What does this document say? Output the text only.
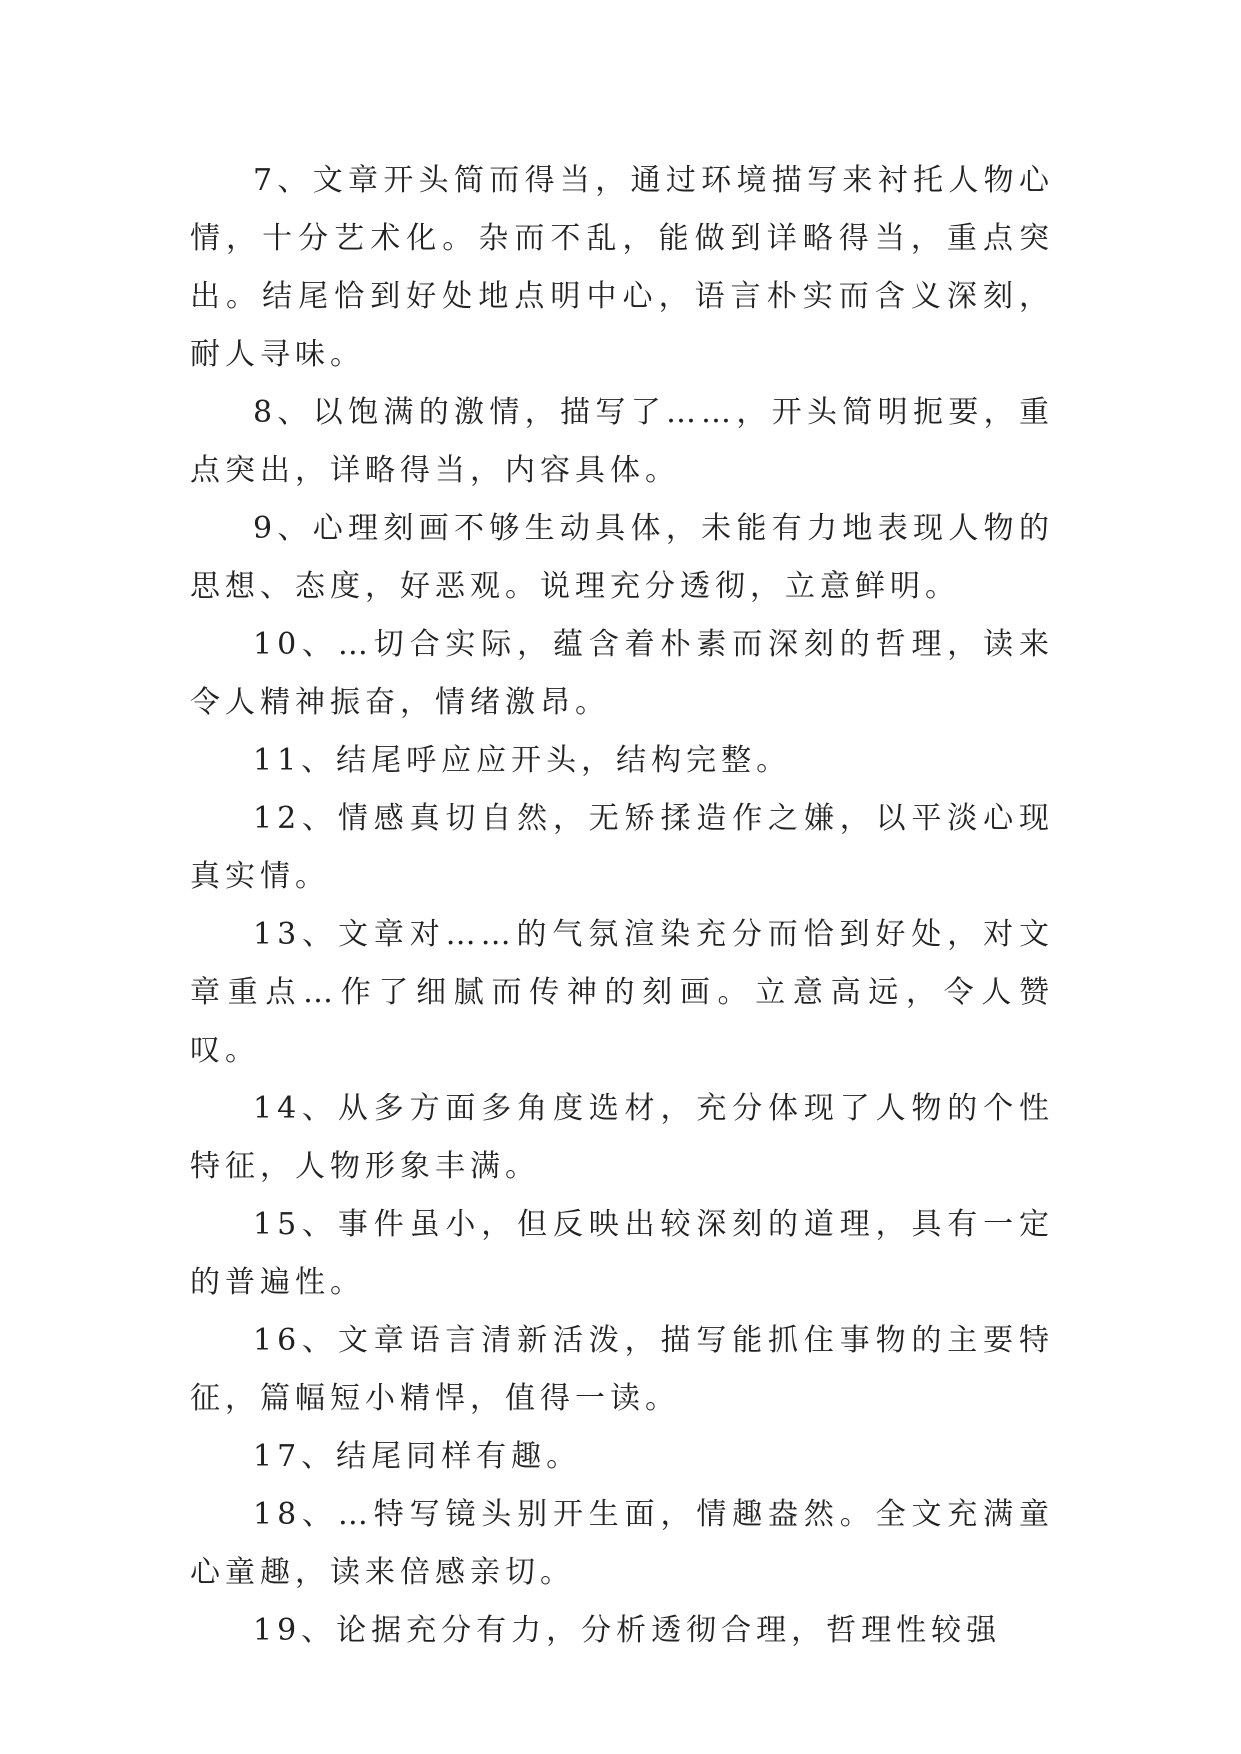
7、文章开头简而得当，通过环境描写来衬托人物心情，十分艺术化。杂而不乱，能做到详略得当，重点突出。结尾恰到好处地点明中心，语言朴实而含义深刻，耐人寻味。

8、以饱满的激情，描写了……，开头简明扼要，重点突出，详略得当，内容具体。

9、心理刻画不够生动具体，未能有力地表现人物的思想、态度，好恶观。说理充分透彻，立意鲜明。

10、…切合实际，蕴含着朴素而深刻的哲理，读来令人精神振奋，情绪激昂。

11、结尾呼应应开头，结构完整。

12、情感真切自然，无矫揉造作之嫌，以平淡心现真实情。

13、文章对……的气氛渲染充分而恰到好处，对文章重点…作了细腻而传神的刻画。立意高远，令人赞叹。

14、从多方面多角度选材，充分体现了人物的个性特征，人物形象丰满。

15、事件虽小，但反映出较深刻的道理，具有一定的普遍性。

16、文章语言清新活泼，描写能抓住事物的主要特征，篇幅短小精悍，值得一读。

17、结尾同样有趣。

18、…特写镜头别开生面，情趣盎然。全文充满童心童趣，读来倍感亲切。

19、论据充分有力，分析透彻合理，哲理性较强
